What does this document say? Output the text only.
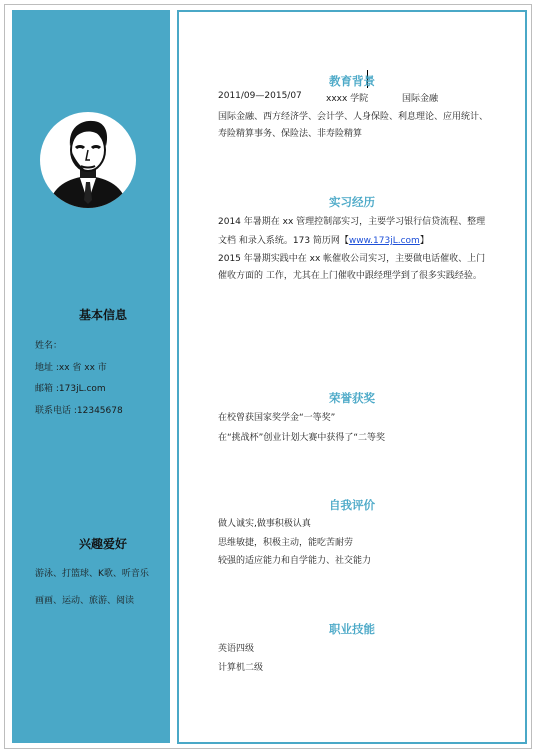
基本信息
姓名：
地址 :xx 省 xx 市
邮箱 :173jL.com
联系电话 :12345678
兴趣爱好
游泳、打篮球、K歌、听音乐
画画、运动、旅游、阅读
教育背景
2011/09—2015/07	xxxx 学院	国际金融
国际金融、西方经济学、会计学、人身保险、利息理论、应用统计、
寿险精算事务、保险法、非寿险精算
实习经历
2014 年暑期在 xx 管理控制部实习，主要学习银行信贷流程、整理
文档 和录入系统。173 简历网【www.173jL.com】
2015 年暑期实践中在 xx 帐催收公司实习，主要做电话催收、上门
催收方面的 工作，尤其在上门催收中跟经理学到了很多实践经验。
荣誉获奖
在校曾获国家奖学金“一等奖”
在“挑战杯”创业计划大赛中获得了“二等奖
自我评价
做人诚实,做事积极认真
思维敏捷，积极主动，能吃苦耐劳
较强的适应能力和自学能力、社交能力
职业技能
英语四级
计算机二级
